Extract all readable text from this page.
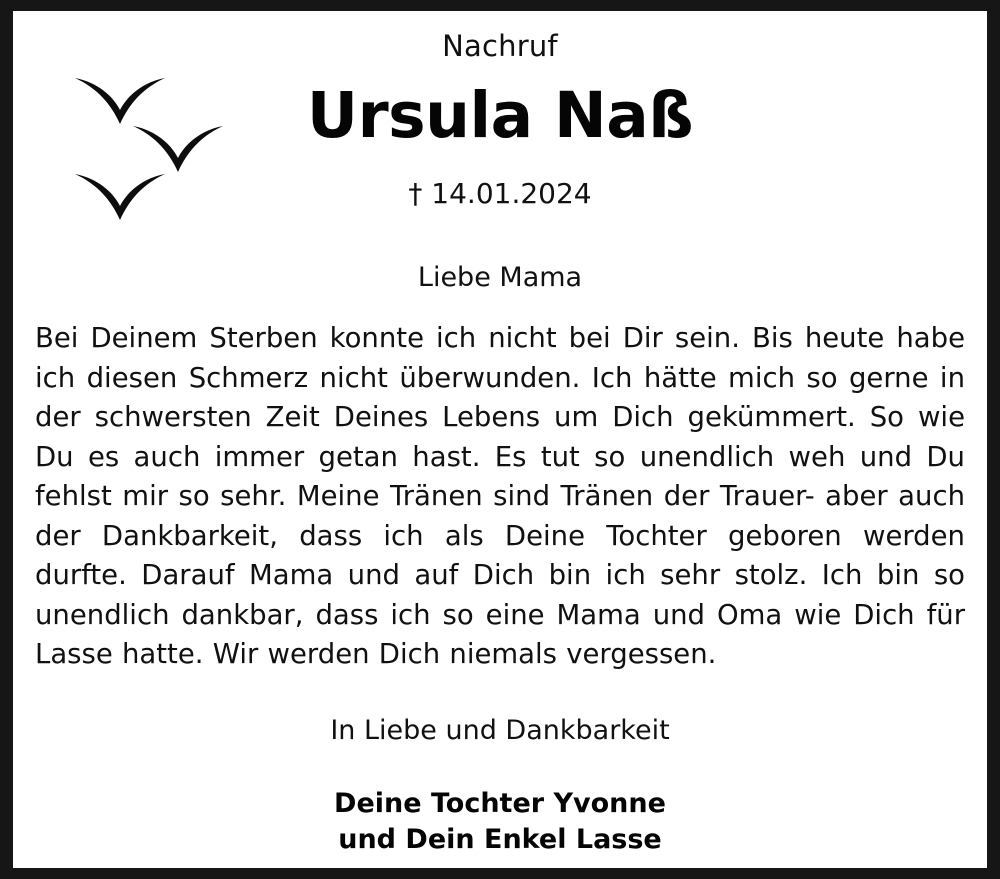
Nachruf
Ursula Naß
† 14.01.2024
Liebe Mama
Bei Deinem Sterben konnte ich nicht bei Dir sein. Bis heute habe ich diesen Schmerz nicht überwunden. Ich hätte mich so gerne in der schwersten Zeit Deines Lebens um Dich gekümmert. So wie Du es auch immer getan hast. Es tut so unendlich weh und Du fehlst mir so sehr. Meine Tränen sind Tränen der Trauer- aber auch der Dankbarkeit, dass ich als Deine Tochter geboren werden durfte. Darauf Mama und auf Dich bin ich sehr stolz. Ich bin so unendlich dankbar, dass ich so eine Mama und Oma wie Dich für Lasse hatte. Wir werden Dich niemals vergessen.
In Liebe und Dankbarkeit
Deine Tochter Yvonne
und Dein Enkel Lasse
